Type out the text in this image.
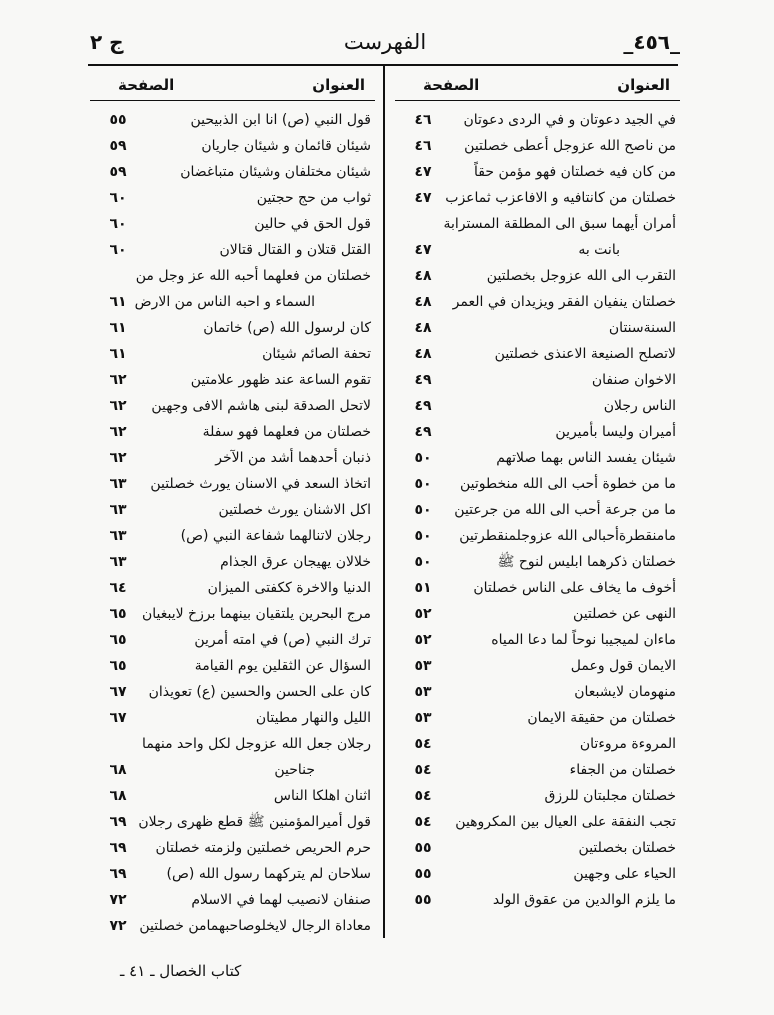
_٤٥٦_
الفهرست
ج ٢
العنوان
الصفحة
في الجيد دعوتان و في الردى دعوتان
٤٦
من ناصح الله عزوجل أعطى خصلتين
٤٦
من كان فيه خصلتان فهو مؤمن حقاً
٤٧
خصلتان من كانتافيه و الافاعزب ثماعزب
٤٧
أمران أيهما سبق الى المطلقة المسترابة
بانت به
٤٧
التقرب الى الله عزوجل بخصلتين
٤٨
خصلتان ينفيان الفقر ويزيدان في العمر
٤٨
السنةسنتان
٤٨
لاتصلح الصنيعة الاعنذى خصلتين
٤٨
الاخوان صنفان
٤٩
الناس رجلان
٤٩
أميران وليسا بأميرين
٤٩
شيئان يفسد الناس بهما صلاتهم
٥٠
ما من خطوة أحب الى الله منخطوتين
٥٠
ما من جرعة أحب الى الله من جرعتين
٥٠
مامنقطرةأحبالى الله عزوجلمنقطرتين
٥٠
خصلتان ذكرهما ابليس لنوح ﷺ
٥٠
أخوف ما يخاف على الناس خصلتان
٥١
النهى عن خصلتين
٥٢
ماءان لميجيبا نوحاً لما دعا المياه
٥٢
الايمان قول وعمل
٥٣
منهومان لايشبعان
٥٣
خصلتان من حقيقة الايمان
٥٣
المروءة مروءتان
٥٤
خصلتان من الجفاء
٥٤
خصلتان مجلبتان للرزق
٥٤
تجب النفقة على العيال بين المكروهين
٥٤
خصلتان بخصلتين
٥٥
الحياء على وجهين
٥٥
ما يلزم الوالدين من عقوق الولد
٥٥
العنوان
الصفحة
قول النبي (ص) انا ابن الذبيحين
٥٥
شيئان قائمان و شيئان جاريان
٥٩
شيئان مختلفان وشيئان متباغضان
٥٩
ثواب من حج حجتين
٦٠
قول الحق في حالين
٦٠
القتل قتلان و القتال قتالان
٦٠
خصلتان من فعلهما أحبه الله عز وجل من
السماء و احبه الناس من الارض
٦١
كان لرسول الله (ص) خاتمان
٦١
تحفة الصائم شيئان
٦١
تقوم الساعة عند ظهور علامتين
٦٢
لاتحل الصدقة لبنى هاشم الافى وجهين
٦٢
خصلتان من فعلهما فهو سفلة
٦٢
ذنبان أحدهما أشد من الآخر
٦٢
اتخاذ السعد في الاسنان يورث خصلتين
٦٣
اكل الاشنان يورث خصلتين
٦٣
رجلان لاتنالهما شفاعة النبي (ص)
٦٣
خلالان يهيجان عرق الجذام
٦٣
الدنيا والاخرة ككفتى الميزان
٦٤
مرج البحرين يلتقيان بينهما برزخ لايبغيان
٦٥
ترك النبي (ص) في امته أمرين
٦٥
السؤال عن الثقلين يوم القيامة
٦٥
كان على الحسن والحسين (ع) تعويذان
٦٧
الليل والنهار مطيتان
٦٧
رجلان جعل الله عزوجل لكل واحد منهما
جناحين
٦٨
اثنان اهلكا الناس
٦٨
قول أميرالمؤمنين ﷺ قطع ظهرى رجلان
٦٩
حرم الحريص خصلتين ولزمته خصلتان
٦٩
سلاحان لم يتركهما رسول الله (ص)
٦٩
صنفان لانصيب لهما في الاسلام
٧٢
معاداة الرجال لايخلوصاحبهمامن خصلتين
٧٢
كتاب الخصال ـ ٤١ ـ
